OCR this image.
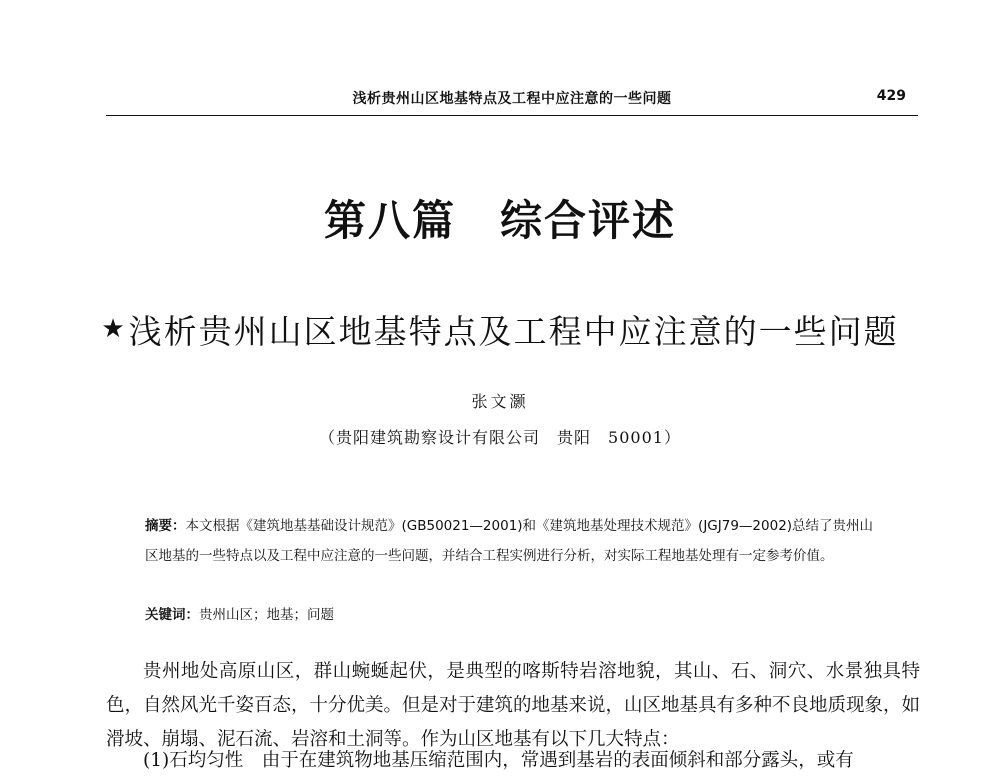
浅析贵州山区地基特点及工程中应注意的一些问题	429
第八篇　综合评述
★浅析贵州山区地基特点及工程中应注意的一些问题
张文灏
（贵阳建筑勘察设计有限公司　贵阳　50001）
摘要：本文根据《建筑地基基础设计规范》(GB50021—2001)和《建筑地基处理技术规范》(JGJ79—2002)总结了贵州山区地基的一些特点以及工程中应注意的一些问题，并结合工程实例进行分析，对实际工程地基处理有一定参考价值。
关键词：贵州山区；地基；问题
贵州地处高原山区，群山蜿蜒起伏，是典型的喀斯特岩溶地貌，其山、石、洞穴、水景独具特色，自然风光千姿百态，十分优美。但是对于建筑的地基来说，山区地基具有多种不良地质现象，如滑坡、崩塌、泥石流、岩溶和土洞等。作为山区地基有以下几大特点：
(1)石均匀性　由于在建筑物地基压缩范围内，常遇到基岩的表面倾斜和部分露头，或有
